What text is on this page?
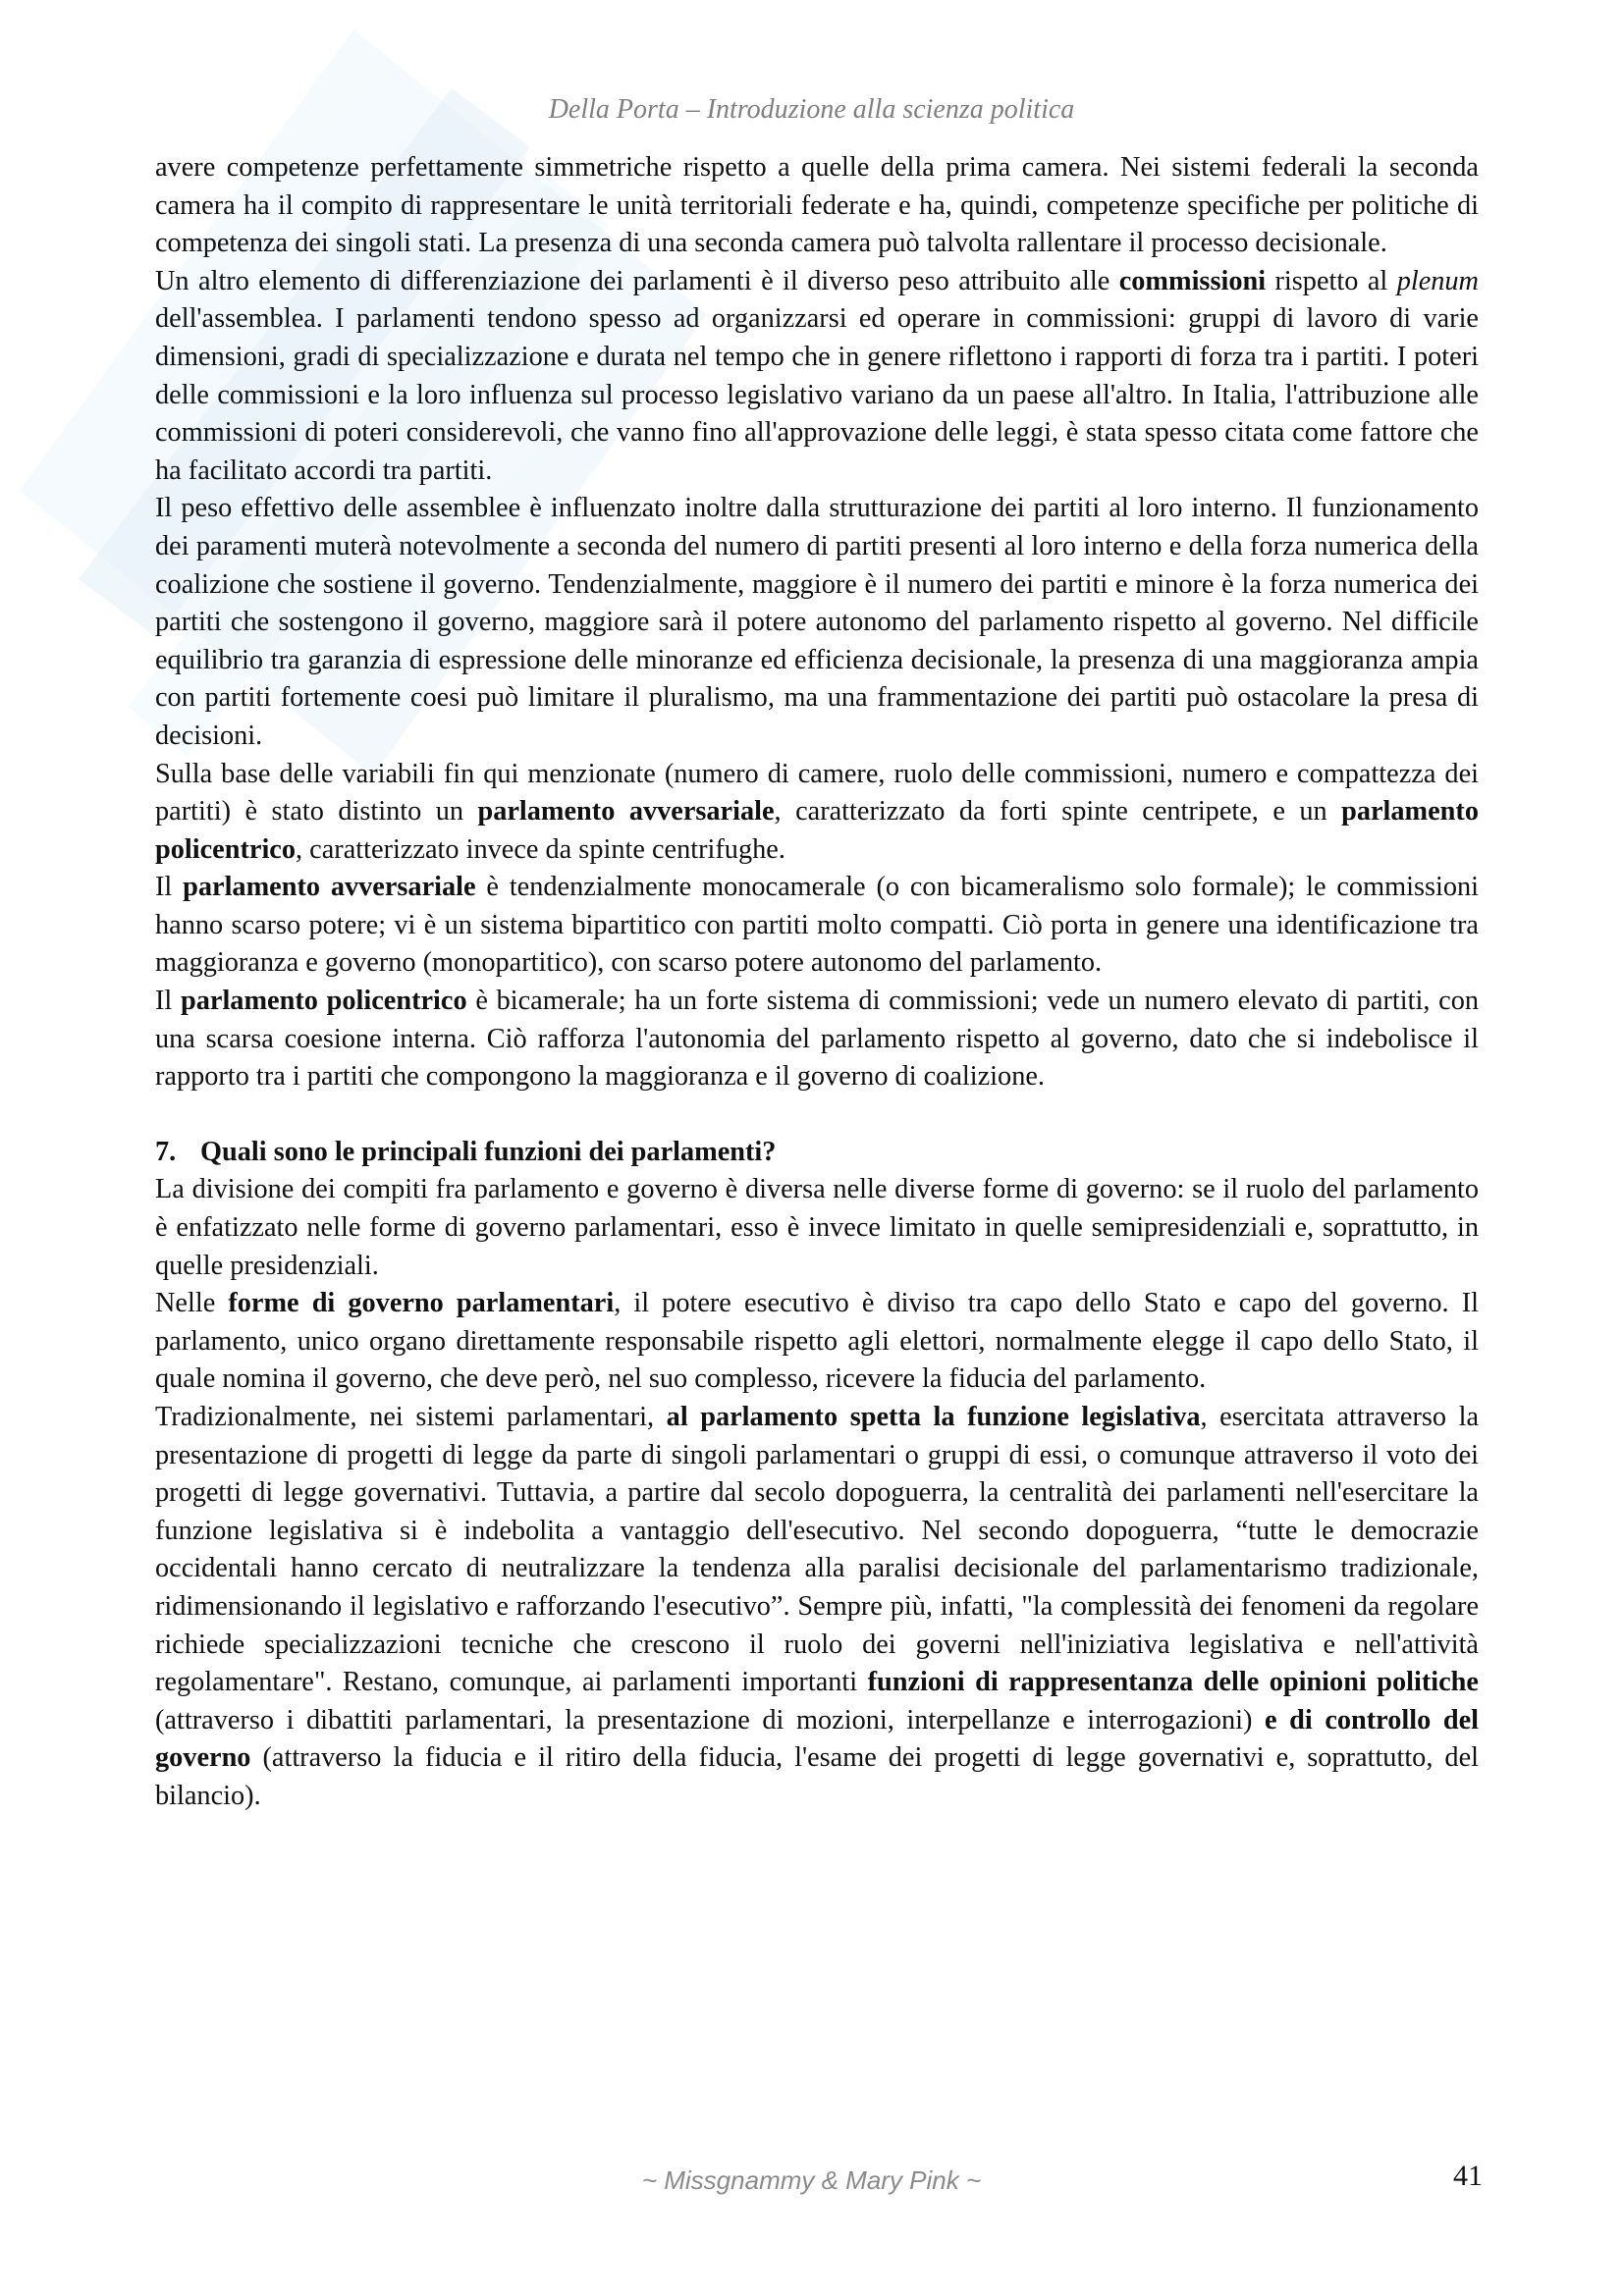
Della Porta – Introduzione alla scienza politica

avere competenze perfettamente simmetriche rispetto a quelle della prima camera. Nei sistemi federali la seconda camera ha il compito di rappresentare le unità territoriali federate e ha, quindi, competenze specifiche per politiche di competenza dei singoli stati. La presenza di una seconda camera può talvolta rallentare il processo decisionale.

Un altro elemento di differenziazione dei parlamenti è il diverso peso attribuito alle commissioni rispetto al plenum dell'assemblea. I parlamenti tendono spesso ad organizzarsi ed operare in commissioni: gruppi di lavoro di varie dimensioni, gradi di specializzazione e durata nel tempo che in genere riflettono i rapporti di forza tra i partiti. I poteri delle commissioni e la loro influenza sul processo legislativo variano da un paese all'altro. In Italia, l'attribuzione alle commissioni di poteri considerevoli, che vanno fino all'approvazione delle leggi, è stata spesso citata come fattore che ha facilitato accordi tra partiti.

Il peso effettivo delle assemblee è influenzato inoltre dalla strutturazione dei partiti al loro interno. Il funzionamento dei paramenti muterà notevolmente a seconda del numero di partiti presenti al loro interno e della forza numerica della coalizione che sostiene il governo. Tendenzialmente, maggiore è il numero dei partiti e minore è la forza numerica dei partiti che sostengono il governo, maggiore sarà il potere autonomo del parlamento rispetto al governo. Nel difficile equilibrio tra garanzia di espressione delle minoranze ed efficienza decisionale, la presenza di una maggioranza ampia con partiti fortemente coesi può limitare il pluralismo, ma una frammentazione dei partiti può ostacolare la presa di decisioni.

Sulla base delle variabili fin qui menzionate (numero di camere, ruolo delle commissioni, numero e compattezza dei partiti) è stato distinto un parlamento avversariale, caratterizzato da forti spinte centripete, e un parlamento policentrico, caratterizzato invece da spinte centrifughe.

Il parlamento avversariale è tendenzialmente monocamerale (o con bicameralismo solo formale); le commissioni hanno scarso potere; vi è un sistema bipartitico con partiti molto compatti. Ciò porta in genere una identificazione tra maggioranza e governo (monopartitico), con scarso potere autonomo del parlamento.

Il parlamento policentrico è bicamerale; ha un forte sistema di commissioni; vede un numero elevato di partiti, con una scarsa coesione interna. Ciò rafforza l'autonomia del parlamento rispetto al governo, dato che si indebolisce il rapporto tra i partiti che compongono la maggioranza e il governo di coalizione.

7. Quali sono le principali funzioni dei parlamenti?

La divisione dei compiti fra parlamento e governo è diversa nelle diverse forme di governo: se il ruolo del parlamento è enfatizzato nelle forme di governo parlamentari, esso è invece limitato in quelle semipresidenziali e, soprattutto, in quelle presidenziali.

Nelle forme di governo parlamentari, il potere esecutivo è diviso tra capo dello Stato e capo del governo. Il parlamento, unico organo direttamente responsabile rispetto agli elettori, normalmente elegge il capo dello Stato, il quale nomina il governo, che deve però, nel suo complesso, ricevere la fiducia del parlamento.

Tradizionalmente, nei sistemi parlamentari, al parlamento spetta la funzione legislativa, esercitata attraverso la presentazione di progetti di legge da parte di singoli parlamentari o gruppi di essi, o comunque attraverso il voto dei progetti di legge governativi. Tuttavia, a partire dal secolo dopoguerra, la centralità dei parlamenti nell'esercitare la funzione legislativa si è indebolita a vantaggio dell'esecutivo. Nel secondo dopoguerra, “tutte le democrazie occidentali hanno cercato di neutralizzare la tendenza alla paralisi decisionale del parlamentarismo tradizionale, ridimensionando il legislativo e rafforzando l'esecutivo”. Sempre più, infatti, "la complessità dei fenomeni da regolare richiede specializzazioni tecniche che crescono il ruolo dei governi nell'iniziativa legislativa e nell'attività regolamentare". Restano, comunque, ai parlamenti importanti funzioni di rappresentanza delle opinioni politiche (attraverso i dibattiti parlamentari, la presentazione di mozioni, interpellanze e interrogazioni) e di controllo del governo (attraverso la fiducia e il ritiro della fiducia, l'esame dei progetti di legge governativi e, soprattutto, del bilancio).

~ Missgnammy & Mary Pink ~	41
